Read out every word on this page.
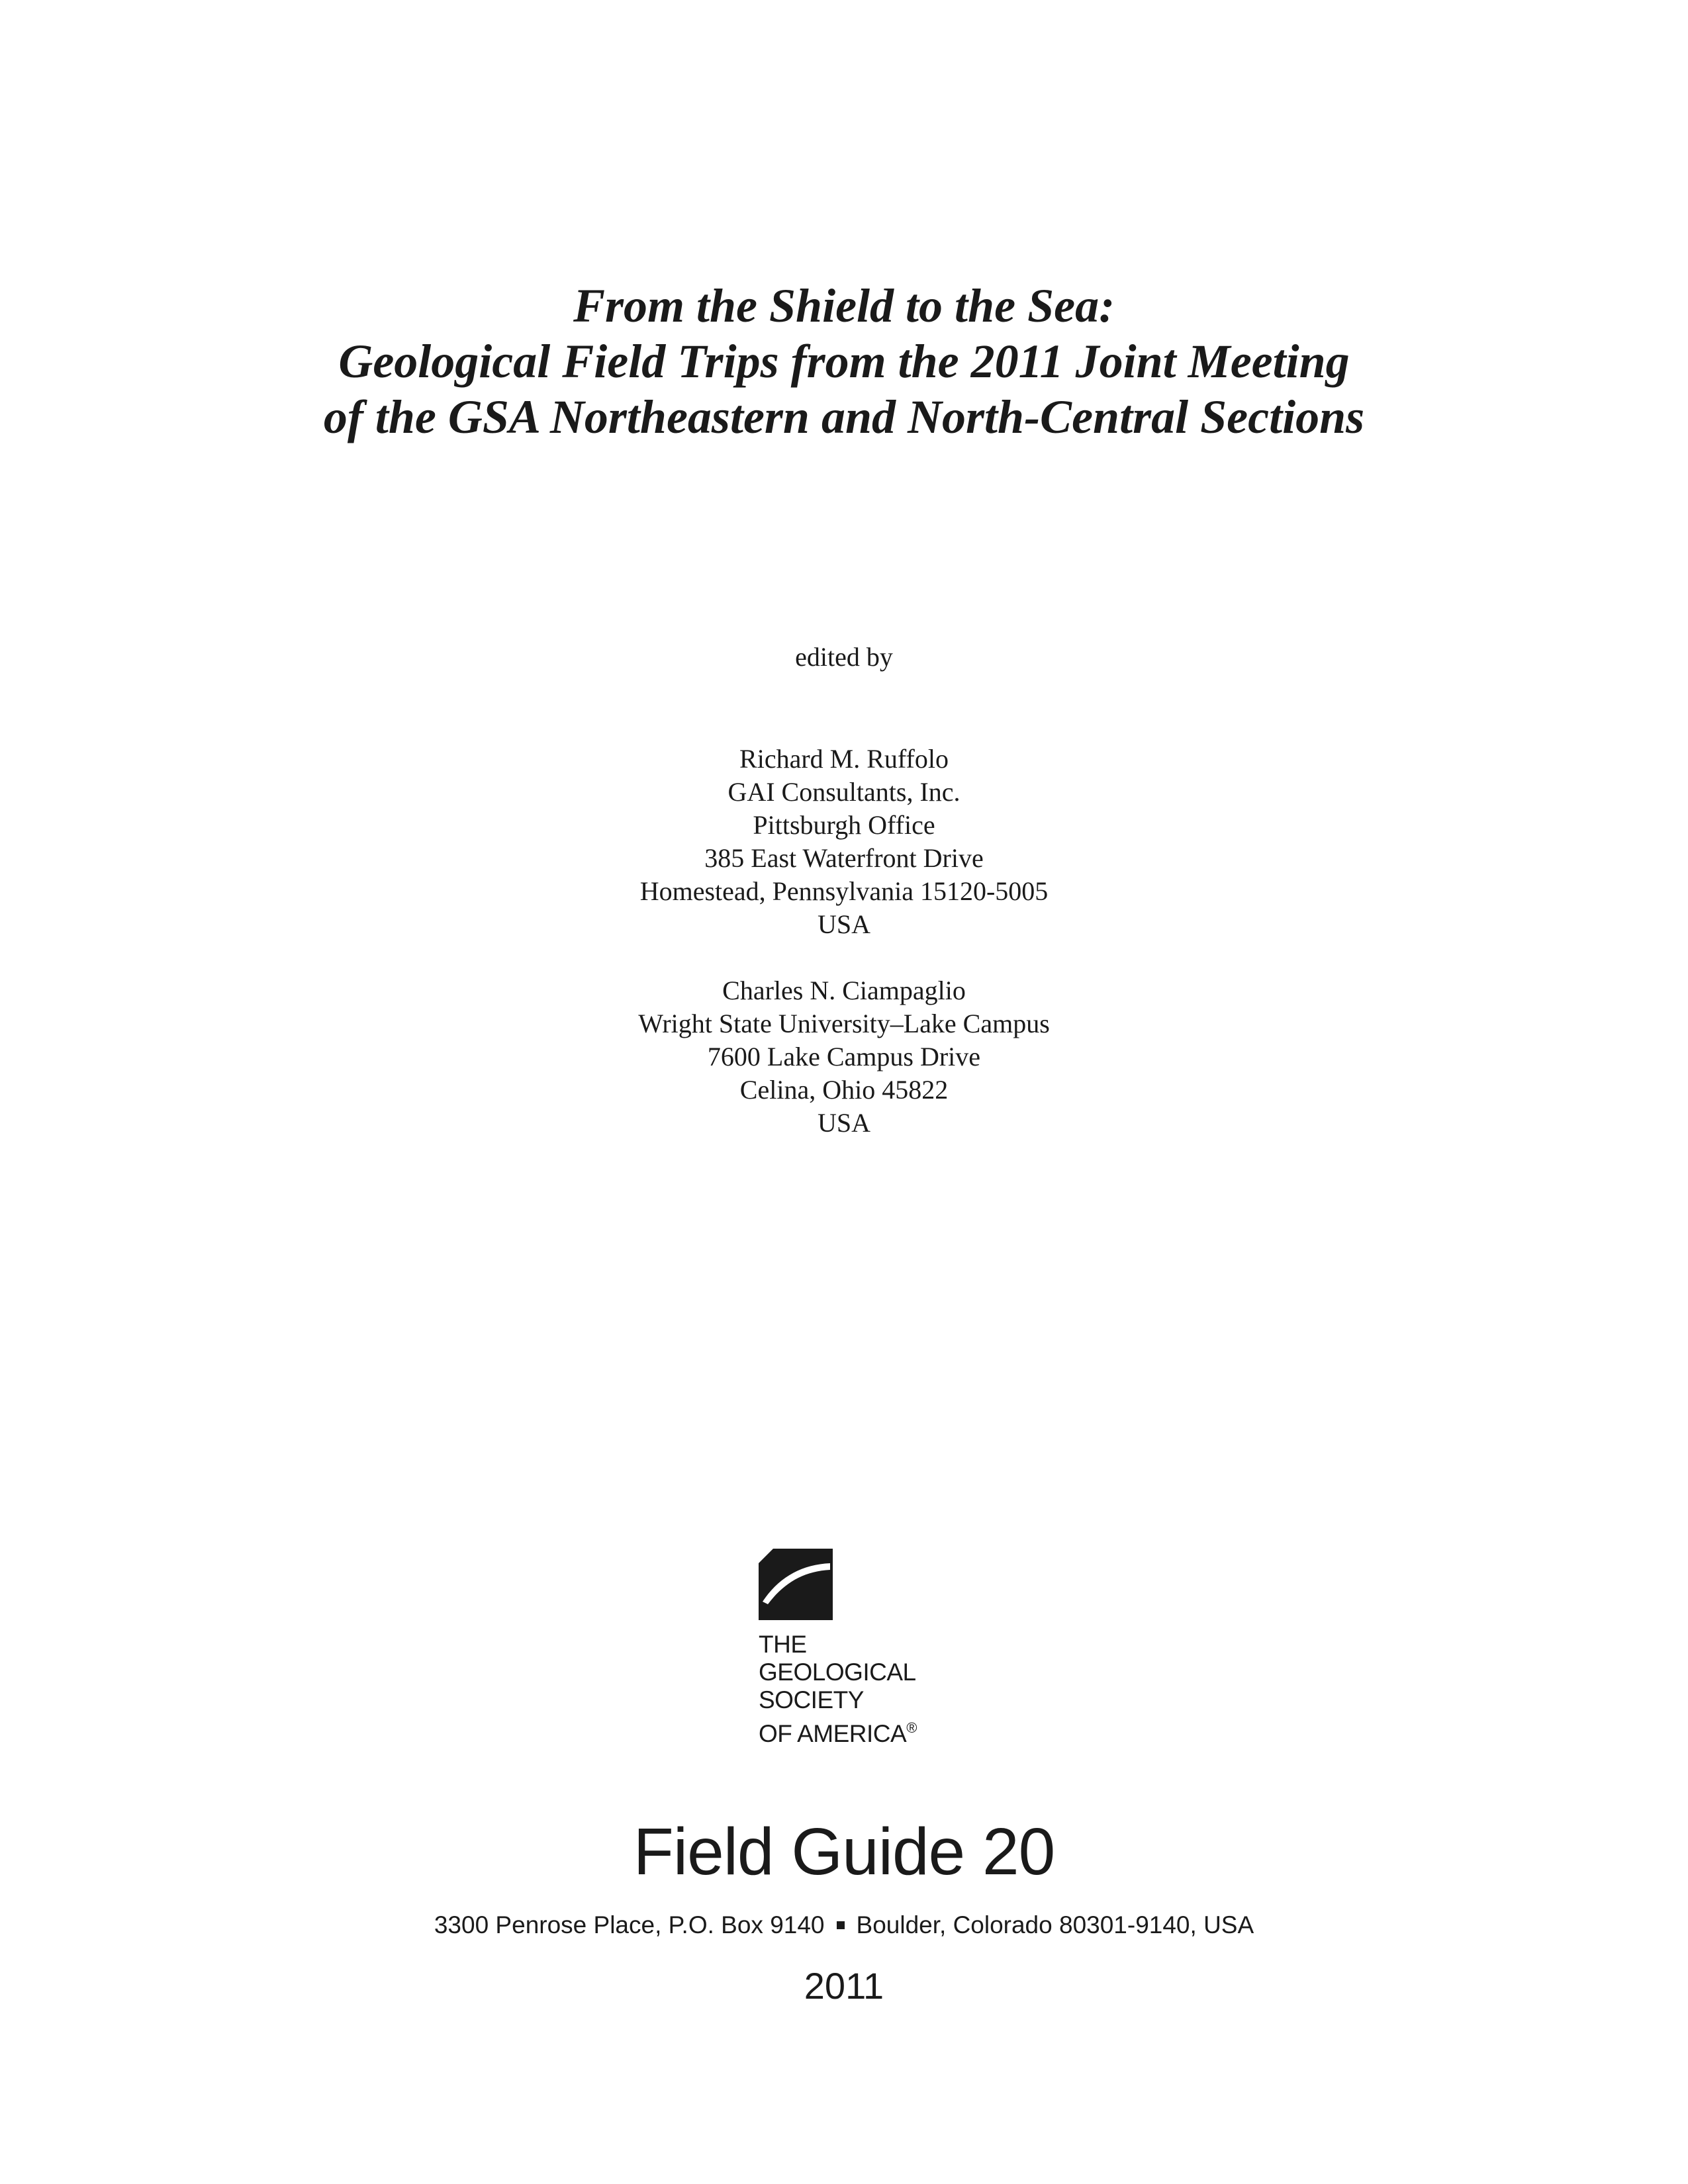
From the Shield to the Sea:
Geological Field Trips from the 2011 Joint Meeting
of the GSA Northeastern and North-Central Sections
edited by
Richard M. Ruffolo
GAI Consultants, Inc.
Pittsburgh Office
385 East Waterfront Drive
Homestead, Pennsylvania 15120-5005
USA
Charles N. Ciampaglio
Wright State University–Lake Campus
7600 Lake Campus Drive
Celina, Ohio 45822
USA
THE
GEOLOGICAL
SOCIETY
OF AMERICA®
Field Guide 20
3300 Penrose Place, P.O. Box 9140 Boulder, Colorado 80301-9140, USA
2011
